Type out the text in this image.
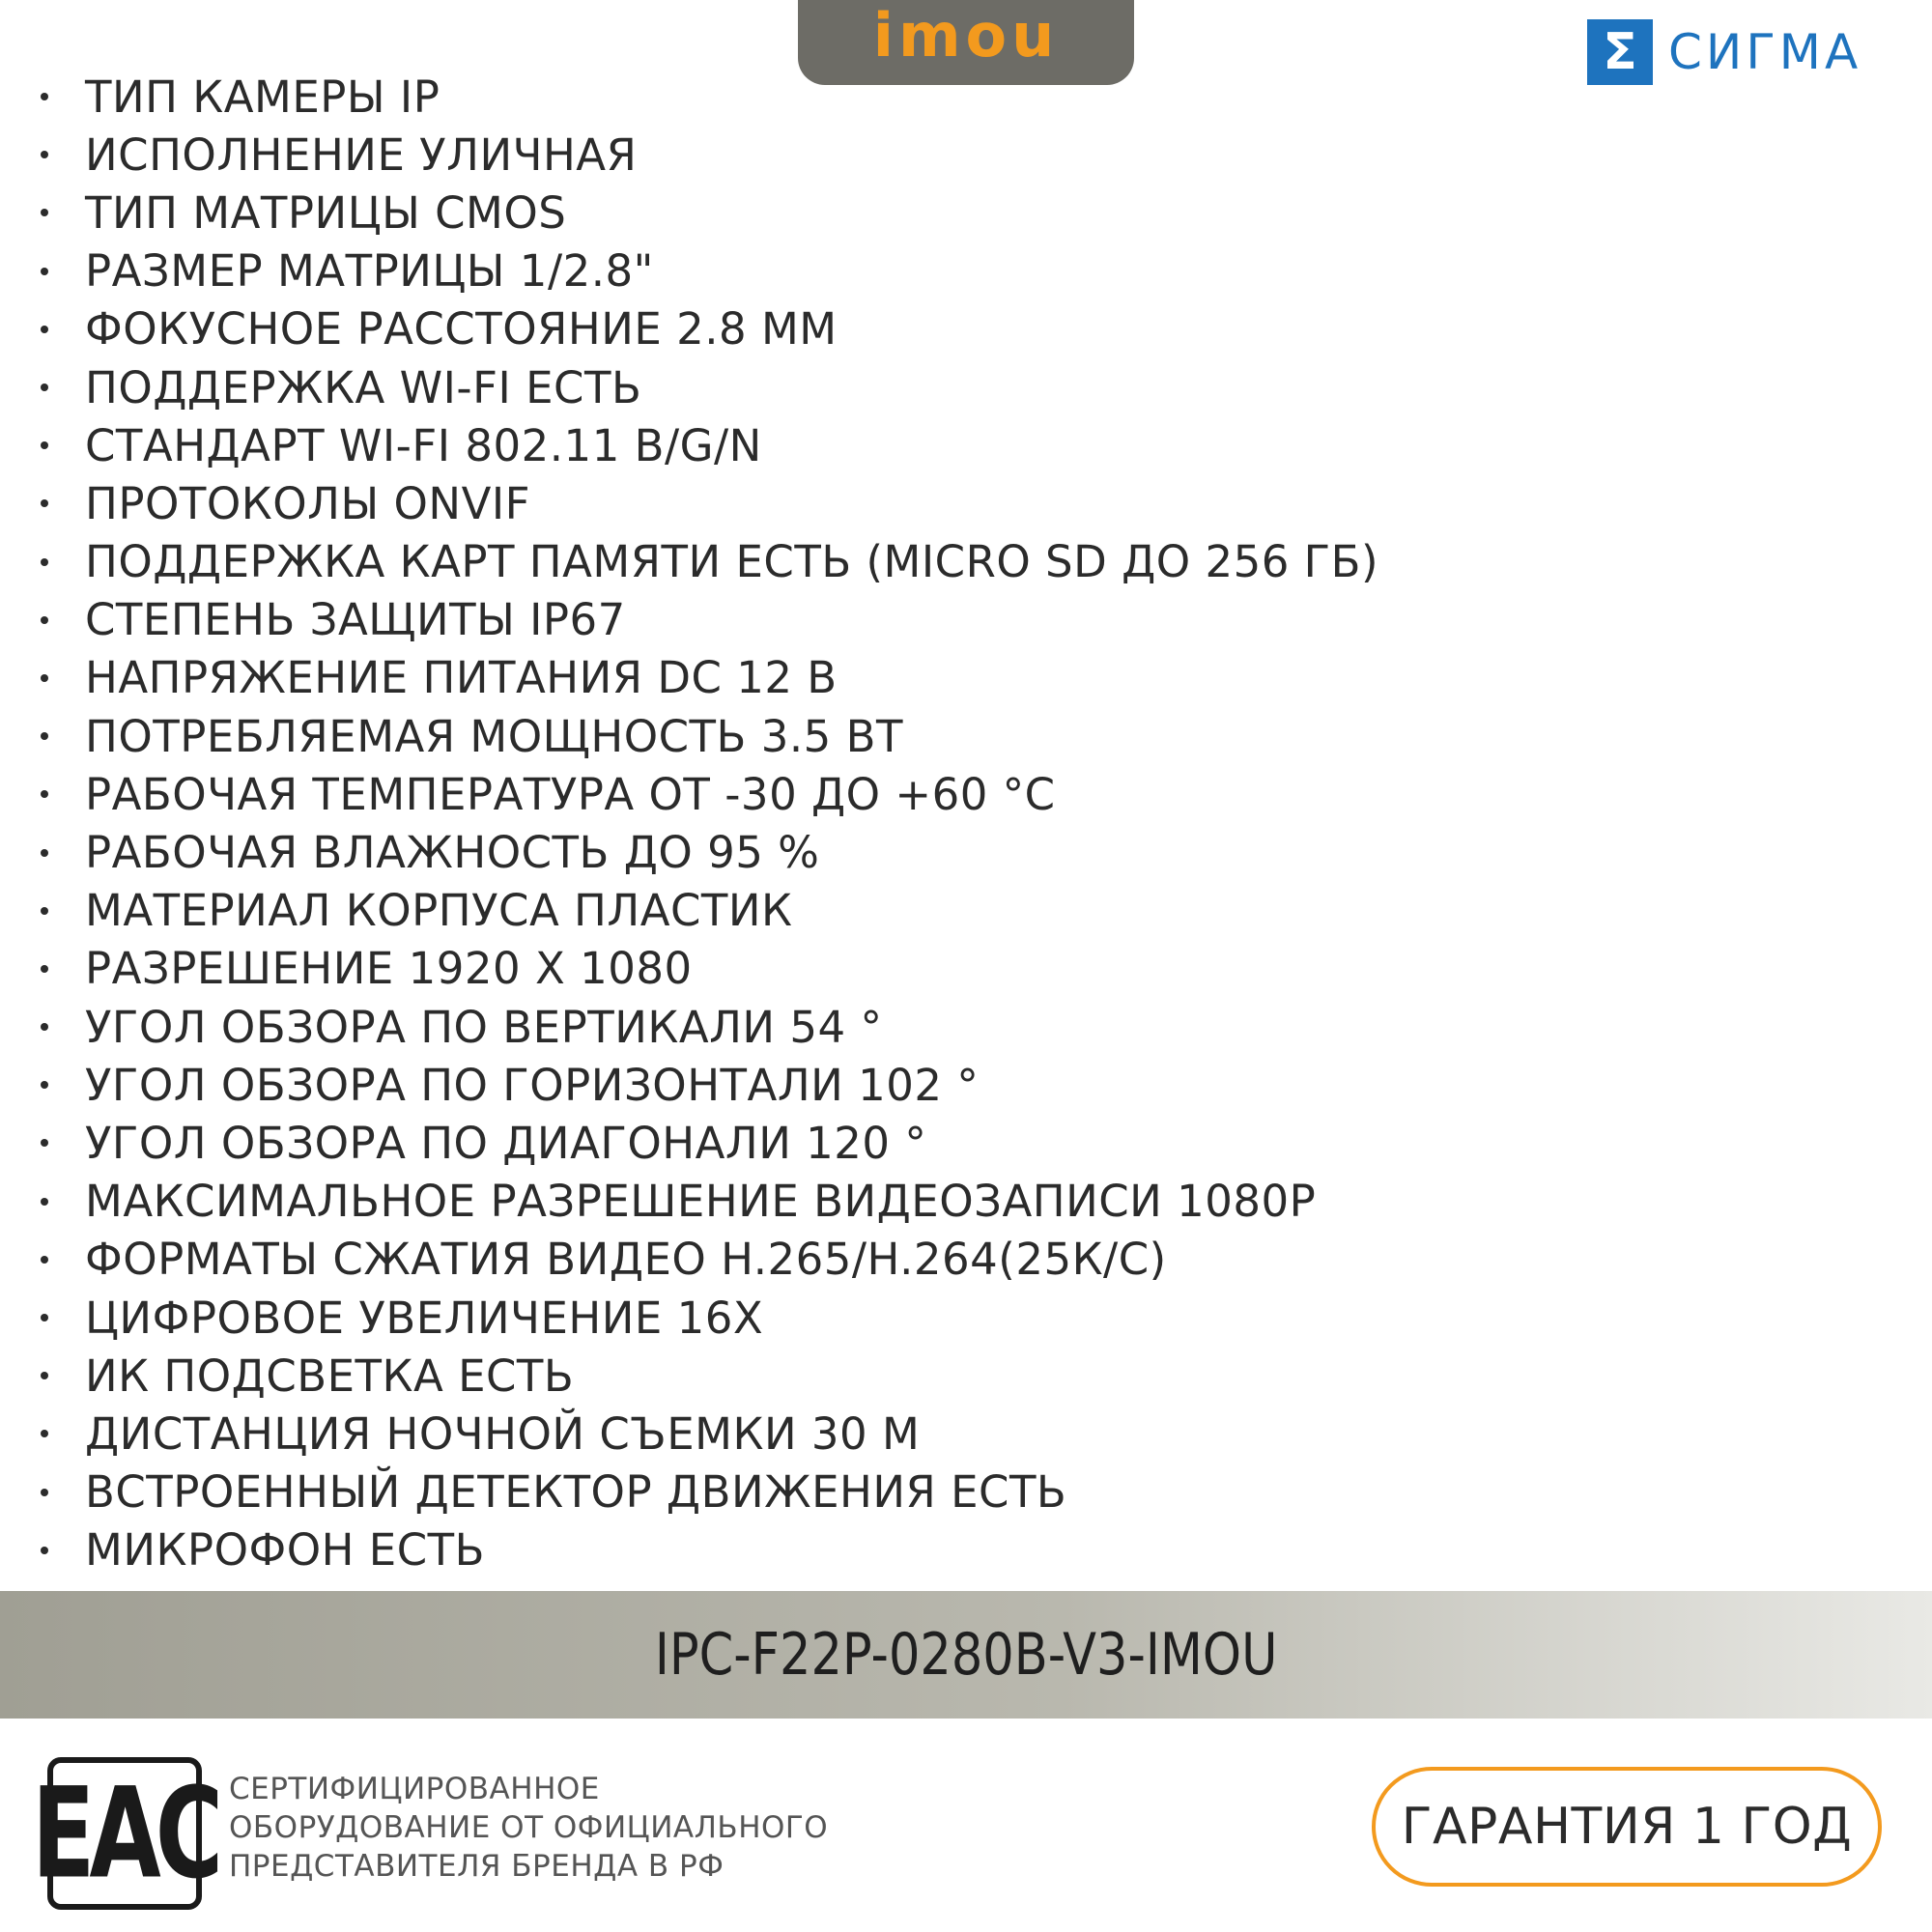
imou	Σ СИГМА
ТИП КАМЕРЫ IP
ИСПОЛНЕНИЕ УЛИЧНАЯ
ТИП МАТРИЦЫ CMOS
РАЗМЕР МАТРИЦЫ 1/2.8"
ФОКУСНОЕ РАССТОЯНИЕ 2.8 ММ
ПОДДЕРЖКА WI-FI ЕСТЬ
СТАНДАРТ WI-FI 802.11 B/G/N
ПРОТОКОЛЫ ONVIF
ПОДДЕРЖКА КАРТ ПАМЯТИ ЕСТЬ (MICRO SD ДО 256 ГБ)
СТЕПЕНЬ ЗАЩИТЫ IP67
НАПРЯЖЕНИЕ ПИТАНИЯ DC 12 В
ПОТРЕБЛЯЕМАЯ МОЩНОСТЬ 3.5 ВТ
РАБОЧАЯ ТЕМПЕРАТУРА ОТ -30 ДО +60 °С
РАБОЧАЯ ВЛАЖНОСТЬ ДО 95 %
МАТЕРИАЛ КОРПУСА ПЛАСТИК
РАЗРЕШЕНИЕ 1920 Х 1080
УГОЛ ОБЗОРА ПО ВЕРТИКАЛИ 54 °
УГОЛ ОБЗОРА ПО ГОРИЗОНТАЛИ 102 °
УГОЛ ОБЗОРА ПО ДИАГОНАЛИ 120 °
МАКСИМАЛЬНОЕ РАЗРЕШЕНИЕ ВИДЕОЗАПИСИ 1080P
ФОРМАТЫ СЖАТИЯ ВИДЕО H.265/H.264(25К/С)
ЦИФРОВОЕ УВЕЛИЧЕНИЕ 16Х
ИК ПОДСВЕТКА ЕСТЬ
ДИСТАНЦИЯ НОЧНОЙ СЪЕМКИ 30 М
ВСТРОЕННЫЙ ДЕТЕКТОР ДВИЖЕНИЯ ЕСТЬ
МИКРОФОН ЕСТЬ
IPC-F22P-0280B-V3-IMOU
EAC СЕРТИФИЦИРОВАННОЕ
ОБОРУДОВАНИЕ ОТ ОФИЦИАЛЬНОГО
ПРЕДСТАВИТЕЛЯ БРЕНДА В РФ
ГАРАНТИЯ 1 ГОД
